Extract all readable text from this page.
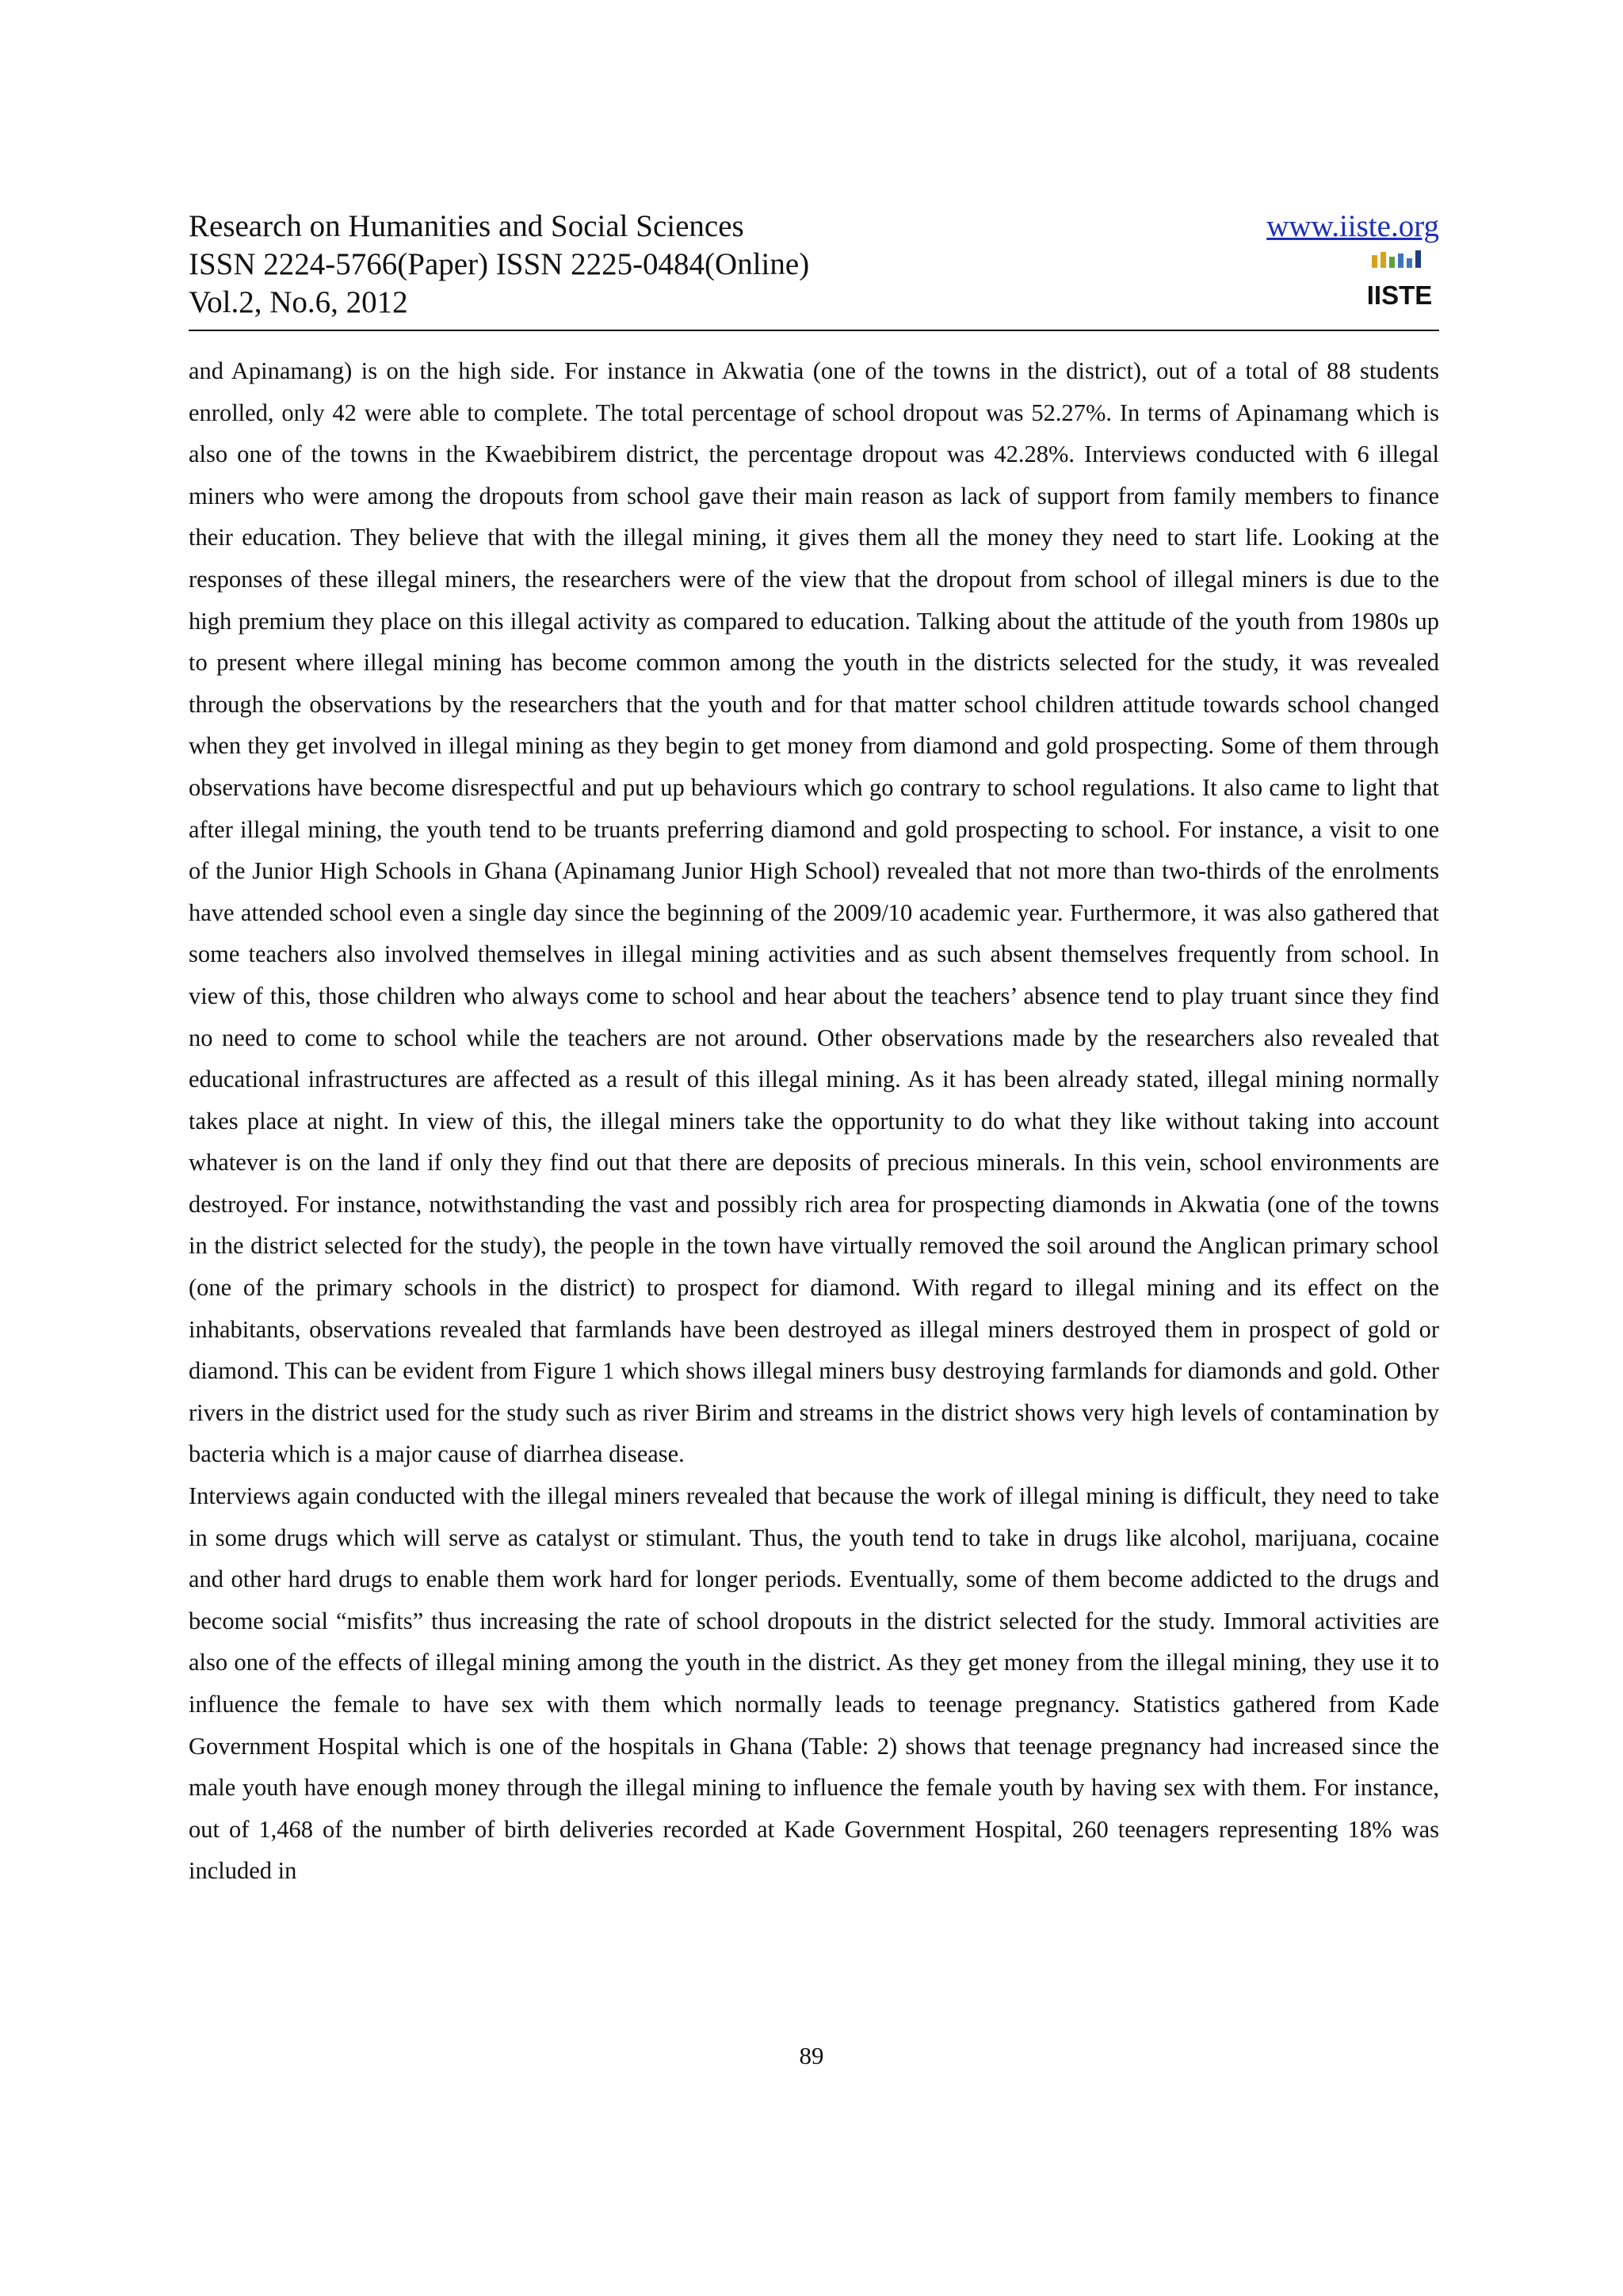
Research on Humanities and Social Sciences
ISSN 2224-5766(Paper) ISSN 2225-0484(Online)
Vol.2, No.6, 2012
www.iiste.org
IISTE

and Apinamang) is on the high side. For instance in Akwatia (one of the towns in the district), out of a total of 88 students enrolled, only 42 were able to complete. The total percentage of school dropout was 52.27%. In terms of Apinamang which is also one of the towns in the Kwaebibirem district, the percentage dropout was 42.28%. Interviews conducted with 6 illegal miners who were among the dropouts from school gave their main reason as lack of support from family members to finance their education. They believe that with the illegal mining, it gives them all the money they need to start life. Looking at the responses of these illegal miners, the researchers were of the view that the dropout from school of illegal miners is due to the high premium they place on this illegal activity as compared to education. Talking about the attitude of the youth from 1980s up to present where illegal mining has become common among the youth in the districts selected for the study, it was revealed through the observations by the researchers that the youth and for that matter school children attitude towards school changed when they get involved in illegal mining as they begin to get money from diamond and gold prospecting. Some of them through observations have become disrespectful and put up behaviours which go contrary to school regulations. It also came to light that after illegal mining, the youth tend to be truants preferring diamond and gold prospecting to school. For instance, a visit to one of the Junior High Schools in Ghana (Apinamang Junior High School) revealed that not more than two-thirds of the enrolments have attended school even a single day since the beginning of the 2009/10 academic year. Furthermore, it was also gathered that some teachers also involved themselves in illegal mining activities and as such absent themselves frequently from school. In view of this, those children who always come to school and hear about the teachers’ absence tend to play truant since they find no need to come to school while the teachers are not around. Other observations made by the researchers also revealed that educational infrastructures are affected as a result of this illegal mining. As it has been already stated, illegal mining normally takes place at night. In view of this, the illegal miners take the opportunity to do what they like without taking into account whatever is on the land if only they find out that there are deposits of precious minerals. In this vein, school environments are destroyed. For instance, notwithstanding the vast and possibly rich area for prospecting diamonds in Akwatia (one of the towns in the district selected for the study), the people in the town have virtually removed the soil around the Anglican primary school (one of the primary schools in the district) to prospect for diamond. With regard to illegal mining and its effect on the inhabitants, observations revealed that farmlands have been destroyed as illegal miners destroyed them in prospect of gold or diamond. This can be evident from Figure 1 which shows illegal miners busy destroying farmlands for diamonds and gold. Other rivers in the district used for the study such as river Birim and streams in the district shows very high levels of contamination by bacteria which is a major cause of diarrhea disease.

Interviews again conducted with the illegal miners revealed that because the work of illegal mining is difficult, they need to take in some drugs which will serve as catalyst or stimulant. Thus, the youth tend to take in drugs like alcohol, marijuana, cocaine and other hard drugs to enable them work hard for longer periods. Eventually, some of them become addicted to the drugs and become social “misfits” thus increasing the rate of school dropouts in the district selected for the study. Immoral activities are also one of the effects of illegal mining among the youth in the district. As they get money from the illegal mining, they use it to influence the female to have sex with them which normally leads to teenage pregnancy. Statistics gathered from Kade Government Hospital which is one of the hospitals in Ghana (Table: 2) shows that teenage pregnancy had increased since the male youth have enough money through the illegal mining to influence the female youth by having sex with them. For instance, out of 1,468 of the number of birth deliveries recorded at Kade Government Hospital, 260 teenagers representing 18% was included in

89
